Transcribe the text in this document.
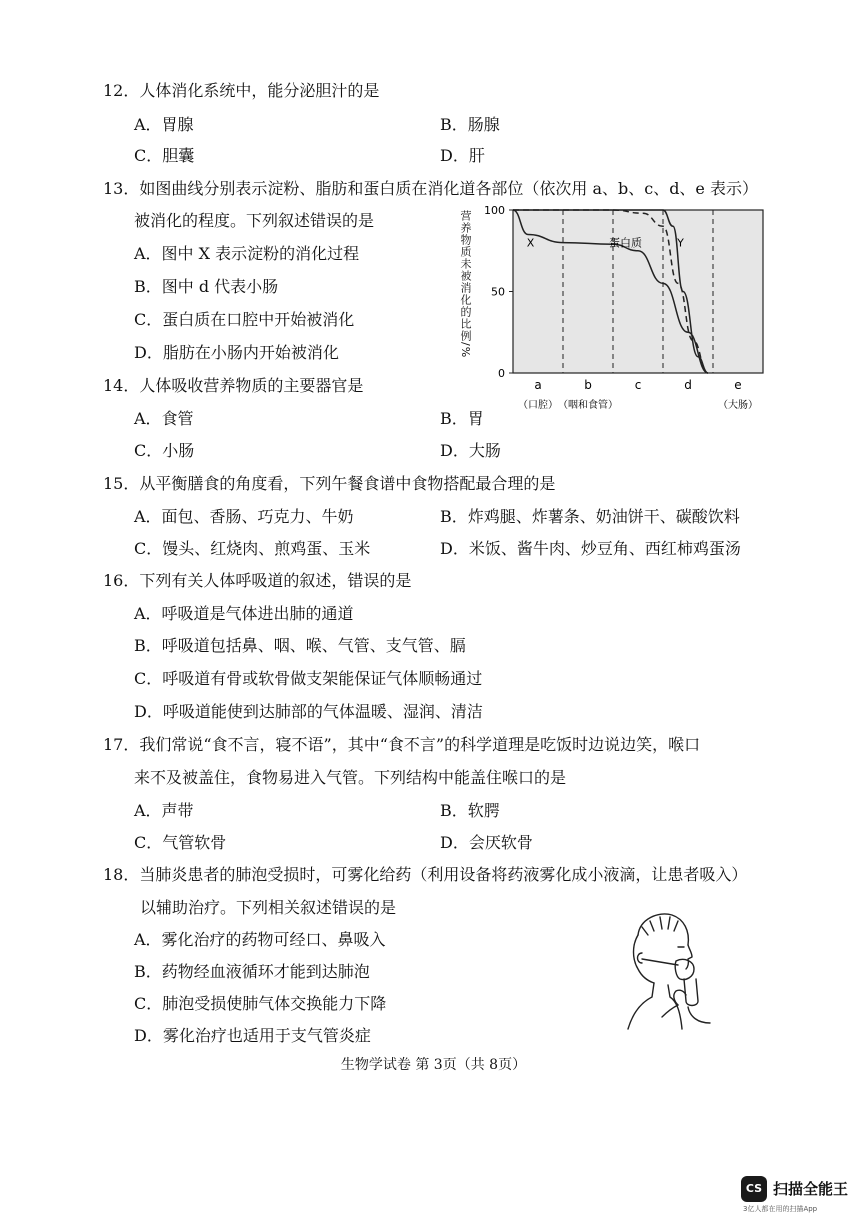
12．人体消化系统中，能分泌胆汁的是
A．胃腺	B．肠腺
C．胆囊	D．肝
13．如图曲线分别表示淀粉、脂肪和蛋白质在消化道各部位（依次用 a、b、c、d、e 表示）
被消化的程度。下列叙述错误的是
A．图中 X 表示淀粉的消化过程
B．图中 d 代表小肠
C．蛋白质在口腔中开始被消化
D．脂肪在小肠内开始被消化	营养物质未被消化的比例/% 100
50
0
a
（口腔）
b
（咽和食管）
c	d	e
（大肠）
X	蛋白质	Y
14．人体吸收营养物质的主要器官是
A．食管	B．胃
C．小肠	D．大肠
15．从平衡膳食的角度看，下列午餐食谱中食物搭配最合理的是
A．面包、香肠、巧克力、牛奶	B．炸鸡腿、炸薯条、奶油饼干、碳酸饮料
C．馒头、红烧肉、煎鸡蛋、玉米	D．米饭、酱牛肉、炒豆角、西红柿鸡蛋汤
16．下列有关人体呼吸道的叙述，错误的是
A．呼吸道是气体进出肺的通道
B．呼吸道包括鼻、咽、喉、气管、支气管、膈
C．呼吸道有骨或软骨做支架能保证气体顺畅通过
D．呼吸道能使到达肺部的气体温暖、湿润、清洁
17．我们常说“食不言，寝不语”，其中“食不言”的科学道理是吃饭时边说边笑，喉口
来不及被盖住，食物易进入气管。下列结构中能盖住喉口的是
A．声带	B．软腭
C．气管软骨	D．会厌软骨
18．当肺炎患者的肺泡受损时，可雾化给药（利用设备将药液雾化成小液滴，让患者吸入）
以辅助治疗。下列相关叙述错误的是
A．雾化治疗的药物可经口、鼻吸入
B．药物经血液循环才能到达肺泡
C．肺泡受损使肺气体交换能力下降
D．雾化治疗也适用于支气管炎症
生物学试卷 第 3页（共 8页）
CS 扫描全能王
3亿人都在用的扫描App
